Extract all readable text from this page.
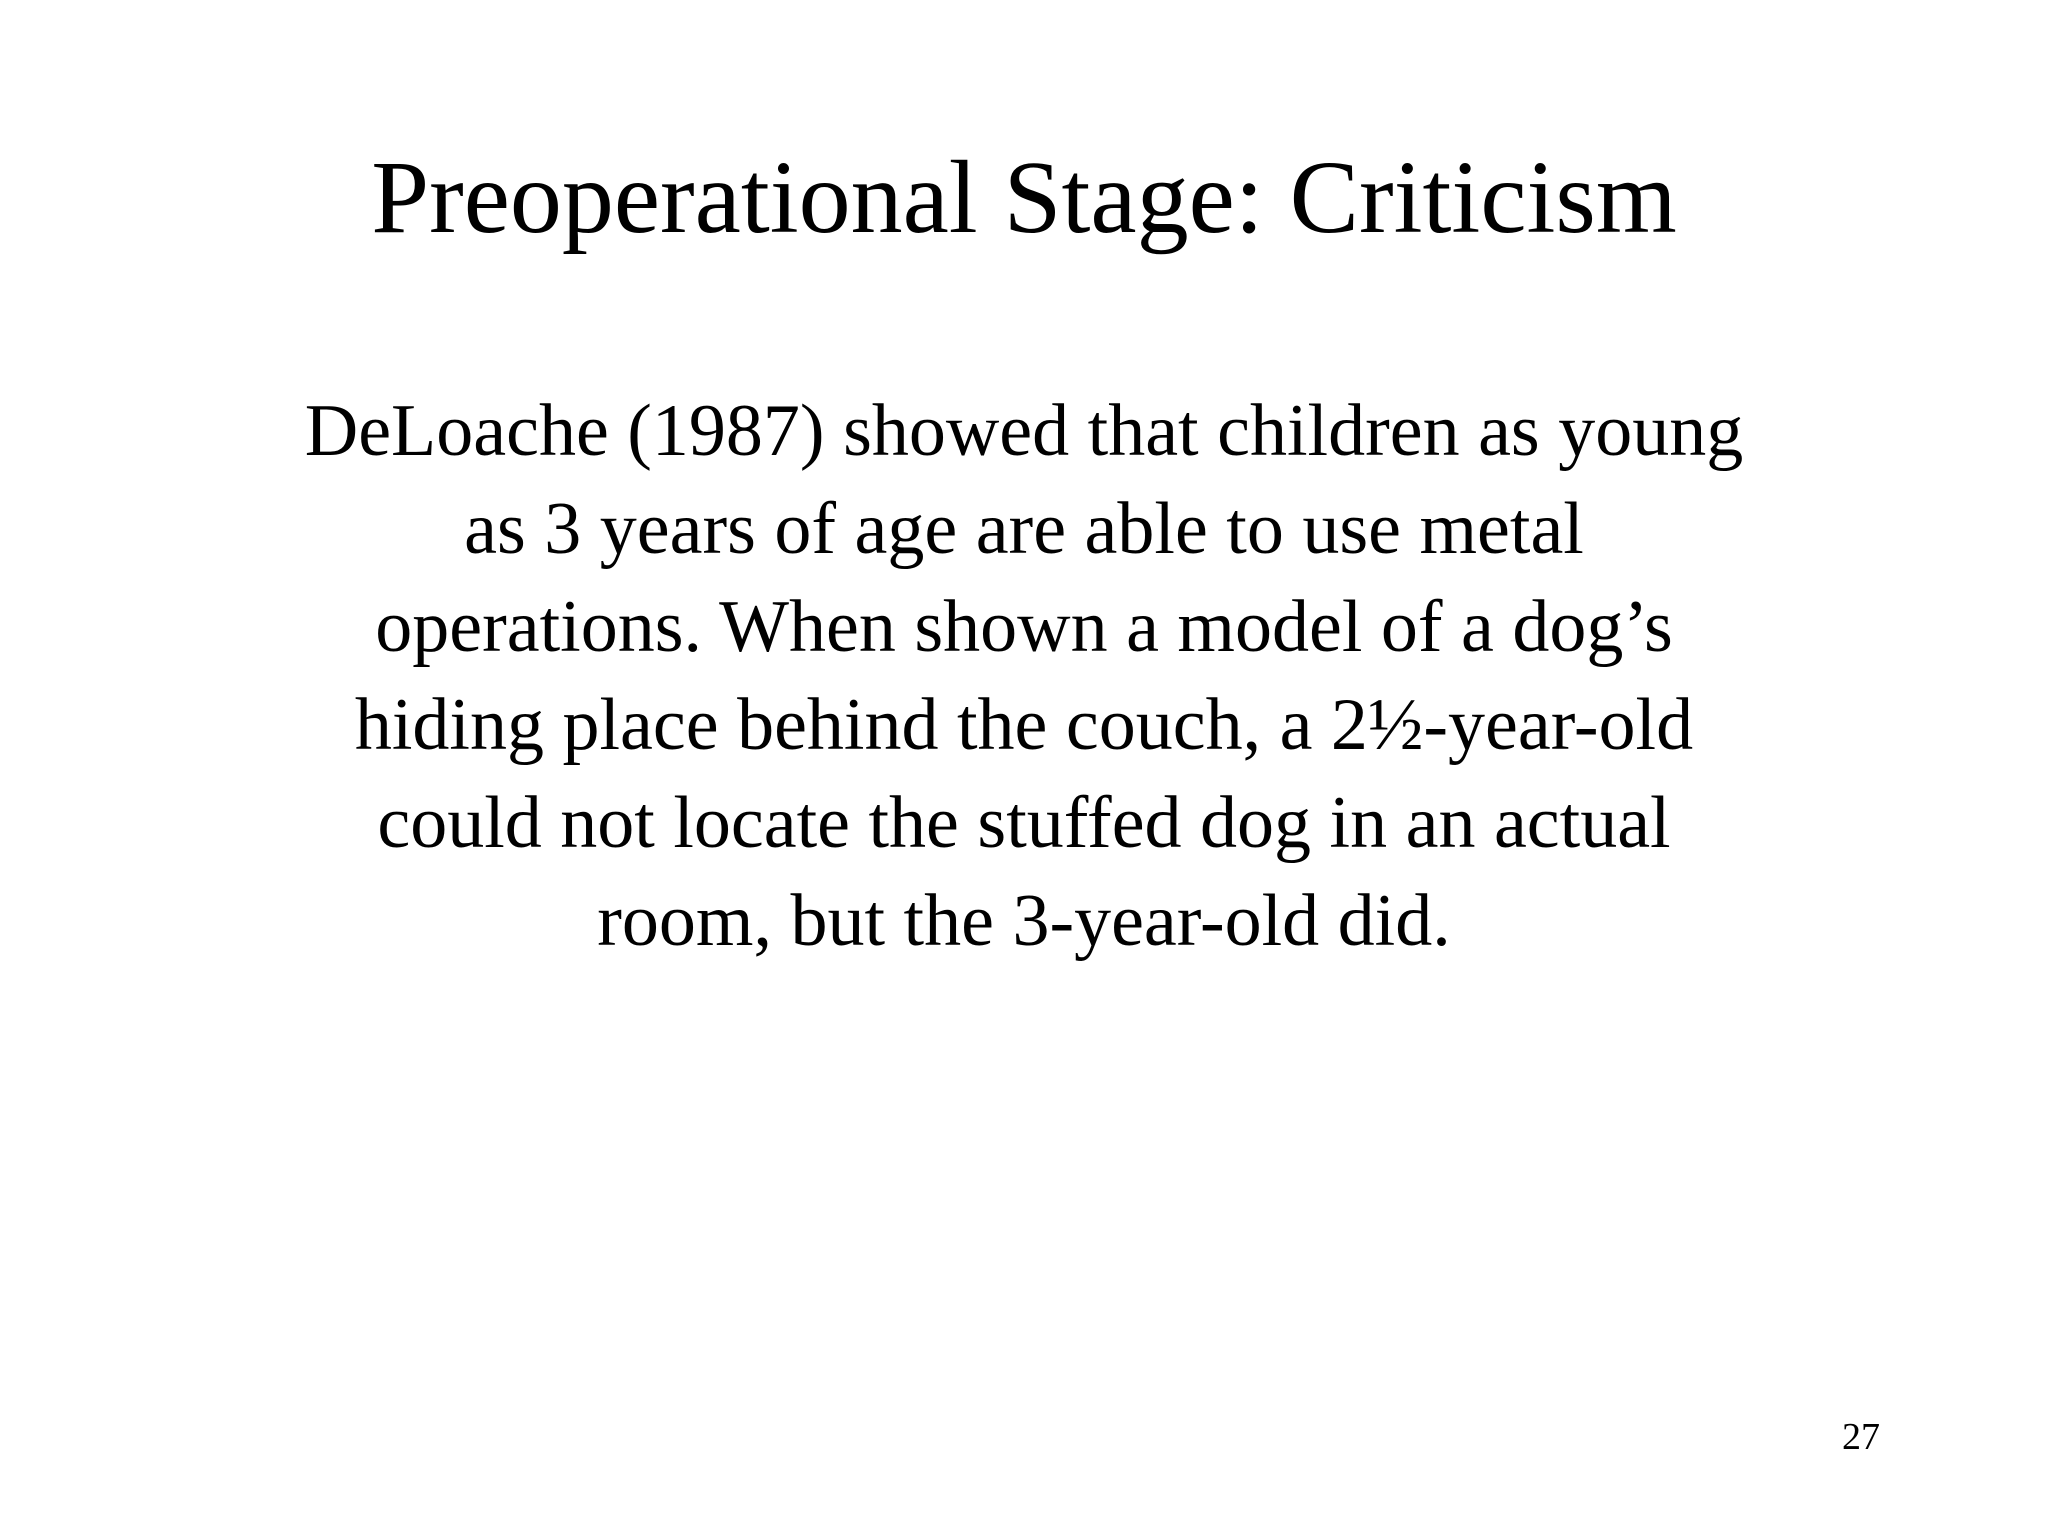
Preoperational Stage: Criticism
DeLoache (1987) showed that children as young
as 3 years of age are able to use metal
operations. When shown a model of a dog’s
hiding place behind the couch, a 2½-year-old
could not locate the stuffed dog in an actual
room, but the 3-year-old did.
27
